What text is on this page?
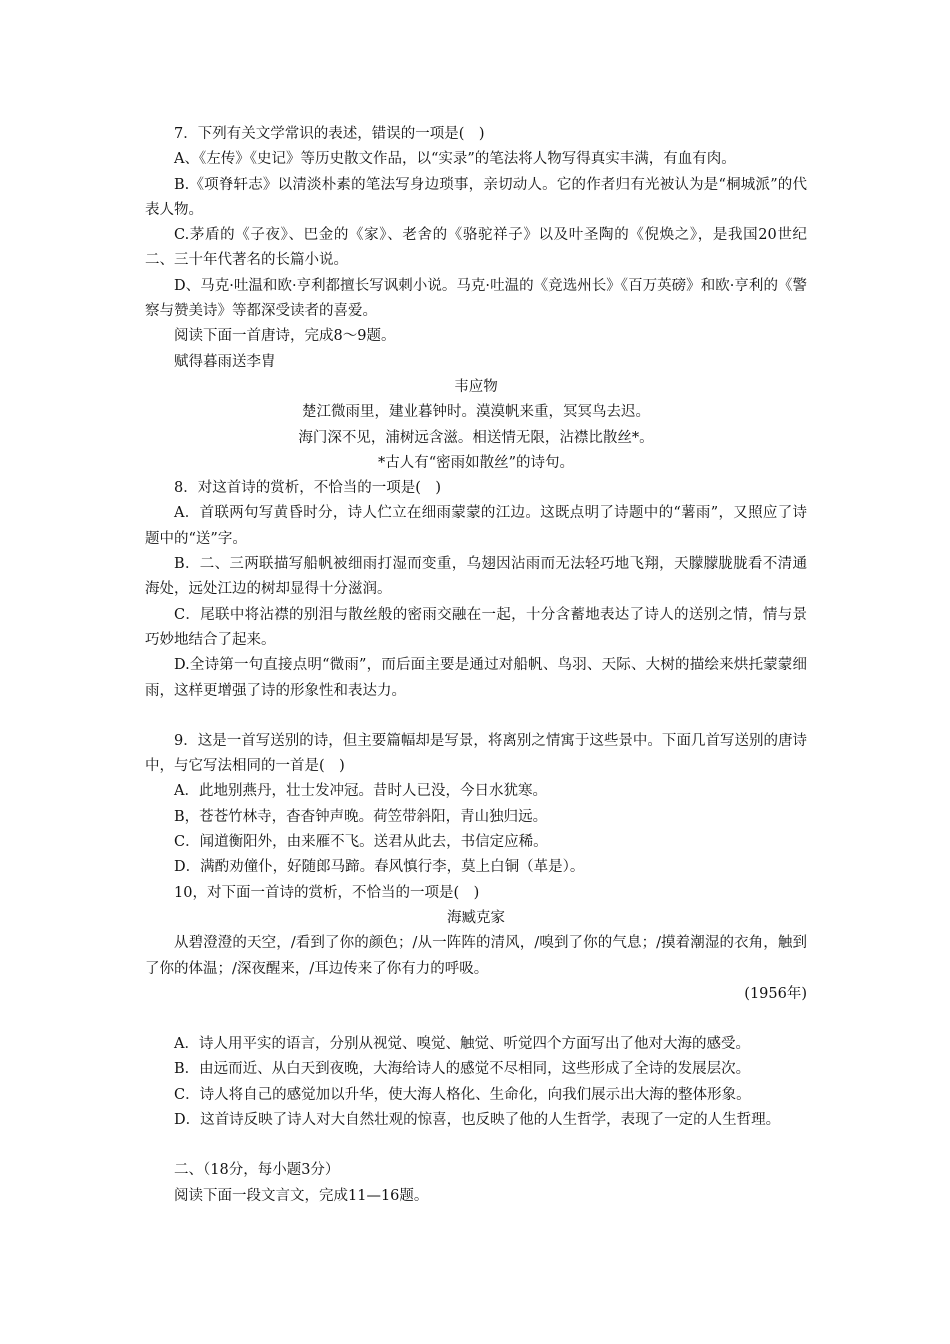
7．下列有关文学常识的表述，错误的一项是(　)

A、《左传》《史记》等历史散文作品，以“实录”的笔法将人物写得真实丰满，有血有肉。

B.《项脊轩志》以清淡朴素的笔法写身边琐事，亲切动人。它的作者归有光被认为是“桐城派”的代表人物。

C.茅盾的《子夜》、巴金的《家》、老舍的《骆驼祥子》以及叶圣陶的《倪焕之》，是我国20世纪二、三十年代著名的长篇小说。

D、马克·吐温和欧·亨利都擅长写讽刺小说。马克·吐温的《竞选州长》《百万英磅》和欧·亨利的《警察与赞美诗》等都深受读者的喜爱。

阅读下面一首唐诗，完成8～9题。

赋得暮雨送李胄

韦应物

楚江微雨里，建业暮钟时。漠漠帆来重，冥冥鸟去迟。

海门深不见，浦树远含滋。相送情无限，沾襟比散丝*。

*古人有“密雨如散丝”的诗句。

8．对这首诗的赏析，不恰当的一项是(　)

A．首联两句写黄昏时分，诗人伫立在细雨蒙蒙的江边。这既点明了诗题中的“薯雨”，又照应了诗题中的“送”字。

B．二、三两联描写船帆被细雨打湿而变重，乌翅因沾雨而无法轻巧地飞翔，天朦朦胧胧看不清通海处，远处江边的树却显得十分滋润。

C．尾联中将沾襟的别泪与散丝般的密雨交融在一起，十分含蓄地表达了诗人的送别之情，情与景巧妙地结合了起来。

D.全诗第一句直接点明“微雨”，而后面主要是通过对船帆、鸟羽、天际、大树的描绘来烘托蒙蒙细雨，这样更增强了诗的形象性和表达力。

9．这是一首写送别的诗，但主要篇幅却是写景，将离别之情寓于这些景中。下面几首写送别的唐诗中，与它写法相同的一首是(　)

A．此地别燕丹，壮士发冲冠。昔时人已没，今日水犹寒。

B，苍苍竹林寺，杳杳钟声晚。荷笠带斜阳，青山独归远。

C．闻道衡阳外，由来雁不飞。送君从此去，书信定应稀。

D．满酌劝僮仆，好随郎马蹄。春风慎行李，莫上白铜（革是）。

10，对下面一首诗的赏析，不恰当的一项是(　)

海臧克家

从碧澄澄的天空，/看到了你的颜色；/从一阵阵的清风，/嗅到了你的气息；/摸着潮湿的衣角，触到了你的体温；/深夜醒来，/耳边传来了你有力的呼吸。

(1956年)

A．诗人用平实的语言，分别从视觉、嗅觉、触觉、听觉四个方面写出了他对大海的感受。

B．由远而近、从白天到夜晚，大海给诗人的感觉不尽相同，这些形成了全诗的发展层次。

C．诗人将自己的感觉加以升华，使大海人格化、生命化，向我们展示出大海的整体形象。

D．这首诗反映了诗人对大自然壮观的惊喜，也反映了他的人生哲学，表现了一定的人生哲理。

二、（18分，每小题3分）

阅读下面一段文言文，完成11—16题。
